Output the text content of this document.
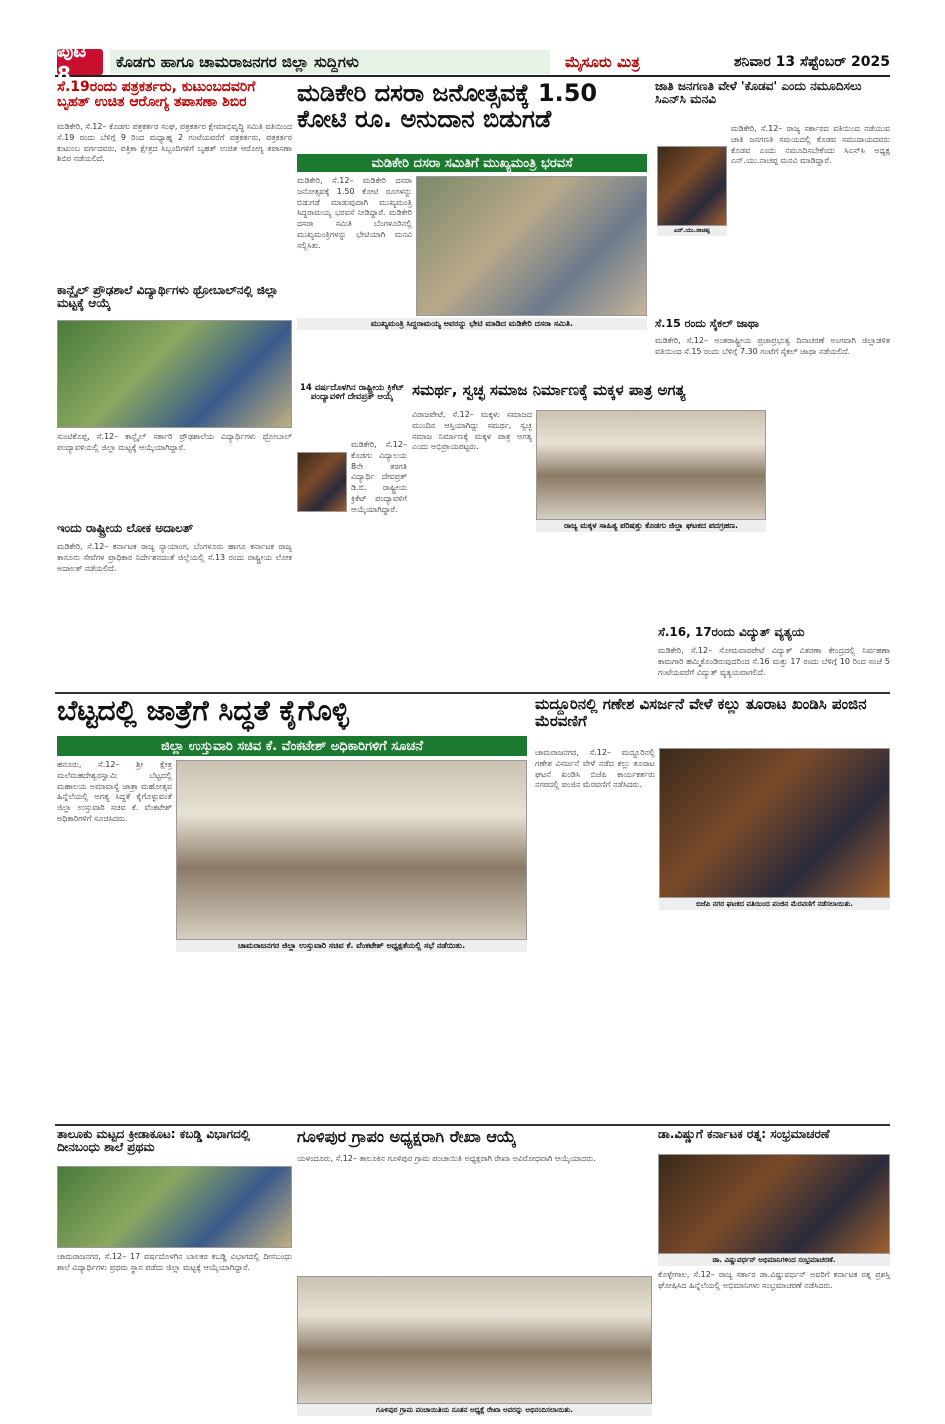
ಪುಟ 8	ಕೊಡಗು ಹಾಗೂ ಚಾಮರಾಜನಗರ ಜಿಲ್ಲಾ ಸುದ್ದಿಗಳು	ಮೈಸೂರು ಮಿತ್ರ	ಶನಿವಾರ 13 ಸೆಪ್ಟೆಂಬರ್ 2025
ಸೆ.19ರಂದು ಪತ್ರಕರ್ತರು, ಕುಟುಂಬದವರಿಗೆ ಬೃಹತ್ ಉಚಿತ ಆರೋಗ್ಯ ತಪಾಸಣಾ ಶಿಬಿರ
ಮಡಿಕೇರಿ, ಸೆ.12– ಕೊಡಗು ಪತ್ರಕರ್ತರ ಸಂಘ, ಪತ್ರಕರ್ತರ ಕ್ಷೇಮಾಭಿವೃದ್ಧಿ ಸಮಿತಿ ವತಿಯಿಂದ ಸೆ.19 ರಂದು ಬೆಳಿಗ್ಗೆ 9 ರಿಂದ ಮಧ್ಯಾಹ್ನ 2 ಗಂಟೆಯವರೆಗೆ ಪತ್ರಕರ್ತರು, ಪತ್ರಕರ್ತರ ಕುಟುಂಬ ವರ್ಗದವರು, ಪತ್ರಿಕಾ ಕ್ಷೇತ್ರದ ಸಿಬ್ಬಂದಿಗಳಿಗೆ ಬೃಹತ್ ಉಚಿತ ಆರೋಗ್ಯ ತಪಾಸಣಾ ಶಿಬಿರ ನಡೆಯಲಿದೆ.
ಮಡಿಕೇರಿ ದಸರಾ ಜನೋತ್ಸವಕ್ಕೆ 1.50 ಕೋಟಿ ರೂ. ಅನುದಾನ ಬಿಡುಗಡೆ
ಮಡಿಕೇರಿ ದಸರಾ ಸಮಿತಿಗೆ ಮುಖ್ಯಮಂತ್ರಿ ಭರವಸೆ
ಮಡಿಕೇರಿ, ಸೆ.12– ಮಡಿಕೇರಿ ದಸರಾ ಜನೋತ್ಸವಕ್ಕೆ 1.50 ಕೋಟಿ ರೂಗಳನ್ನು ಬಿಡುಗಡೆ ಮಾಡುವುದಾಗಿ ಮುಖ್ಯಮಂತ್ರಿ ಸಿದ್ದರಾಮಯ್ಯ ಭರವಸೆ ನೀಡಿದ್ದಾರೆ. ಮಡಿಕೇರಿ ದಸರಾ ಸಮಿತಿ ಬೆಂಗಳೂರಿನಲ್ಲಿ ಮುಖ್ಯಮಂತ್ರಿಗಳನ್ನು ಭೇಟಿಯಾಗಿ ಮನವಿ ಸಲ್ಲಿಸಿತು.
ಮುಖ್ಯಮಂತ್ರಿ ಸಿದ್ದರಾಮಯ್ಯ ಅವರನ್ನು ಭೇಟಿ ಮಾಡಿದ ಮಡಿಕೇರಿ ದಸರಾ ಸಮಿತಿ.
ಜಾತಿ ಜನಗಣತಿ ವೇಳೆ 'ಕೊಡವ' ಎಂದು ನಮೂದಿಸಲು ಸಿಎನ್‌ಸಿ ಮನವಿ
ಎನ್.ಯು.ನಾಚಪ್ಪ
ಮಡಿಕೇರಿ, ಸೆ.12– ರಾಜ್ಯ ಸರ್ಕಾರದ ವತಿಯಿಂದ ನಡೆಯುವ ಜಾತಿ ಜನಗಣತಿ ಸಮಯದಲ್ಲಿ ಕೊಡವ ಸಮುದಾಯದವರು ಕೊಡವ ಎಂದು ನಮೂದಿಸಬೇಕೆಂದು ಸಿಎನ್‌ಸಿ ಅಧ್ಯಕ್ಷ ಎನ್.ಯು.ನಾಚಪ್ಪ ಮನವಿ ಮಾಡಿದ್ದಾರೆ.
ಸೆ.15 ರಂದು ಸೈಕಲ್ ಜಾಥಾ
ಮಡಿಕೇರಿ, ಸೆ.12– ಅಂತರಾಷ್ಟ್ರೀಯ ಪ್ರಜಾಪ್ರಭುತ್ವ ದಿನಾಚರಣೆ ಅಂಗವಾಗಿ ಜಿಲ್ಲಾಡಳಿತ ವತಿಯಿಂದ ಸೆ.15 ರಂದು ಬೆಳಿಗ್ಗೆ 7.30 ಗಂಟೆಗೆ ಸೈಕಲ್ ಜಾಥಾ ನಡೆಯಲಿದೆ.
ಕಾನ್ಬೈಲ್ ಪ್ರೌಢಶಾಲೆ ವಿದ್ಯಾರ್ಥಿಗಳು ಥ್ರೋಬಾಲ್‌ನಲ್ಲಿ ಜಿಲ್ಲಾ ಮಟ್ಟಕ್ಕೆ ಆಯ್ಕೆ
ಸುಂಟಿಕೊಪ್ಪ, ಸೆ.12– ಕಾನ್ಬೈಲ್ ಸರ್ಕಾರಿ ಪ್ರೌಢಶಾಲೆಯ ವಿದ್ಯಾರ್ಥಿಗಳು ಥ್ರೋಬಾಲ್ ಪಂದ್ಯಾವಳಿಯಲ್ಲಿ ಜಿಲ್ಲಾ ಮಟ್ಟಕ್ಕೆ ಆಯ್ಕೆಯಾಗಿದ್ದಾರೆ.
ಇಂದು ರಾಷ್ಟ್ರೀಯ ಲೋಕ ಅದಾಲತ್
ಮಡಿಕೇರಿ, ಸೆ.12– ಕರ್ನಾಟಕ ರಾಜ್ಯ ನ್ಯಾಯಾಂಗ, ಬೆಂಗಳೂರು ಹಾಗೂ ಕರ್ನಾಟಕ ರಾಜ್ಯ ಕಾನೂನು ಸೇವೆಗಳ ಪ್ರಾಧಿಕಾರ ನಿರ್ದೇಶನದಂತೆ ಜಿಲ್ಲೆಯಲ್ಲಿ ಸೆ.13 ರಂದು ರಾಷ್ಟ್ರೀಯ ಲೋಕ ಅದಾಲತ್ ನಡೆಯಲಿದೆ.
14 ವರ್ಷದೊಳಗಿನ ರಾಷ್ಟ್ರೀಯ ಕ್ರಿಕೆಟ್ ಪಂದ್ಯಾವಳಿಗೆ ದೇವಪ್ರತ್ ಆಯ್ಕೆ
ಮಡಿಕೇರಿ, ಸೆ.12– ಕೊಡಗು ವಿದ್ಯಾಲಯ 8ನೇ ತರಗತಿ ವಿದ್ಯಾರ್ಥಿ ದೇವಪ್ರತ್ ಡಿ.ಬಿ. ರಾಷ್ಟ್ರೀಯ ಕ್ರಿಕೆಟ್ ಪಂದ್ಯಾವಳಿಗೆ ಆಯ್ಕೆಯಾಗಿದ್ದಾರೆ.
ಸಮರ್ಥ, ಸ್ವಚ್ಛ ಸಮಾಜ ನಿರ್ಮಾಣಕ್ಕೆ ಮಕ್ಕಳ ಪಾತ್ರ ಅಗತ್ಯ
ವಿರಾಜಪೇಟೆ, ಸೆ.12– ಮಕ್ಕಳು ಸಮಾಜದ ಮುಂದಿನ ಆಸ್ತಿಯಾಗಿದ್ದು ಸಮರ್ಥ, ಸ್ವಚ್ಛ ಸಮಾಜ ನಿರ್ಮಾಣಕ್ಕೆ ಮಕ್ಕಳ ಪಾತ್ರ ಅಗತ್ಯ ಎಂದು ಅಭಿಪ್ರಾಯಪಟ್ಟರು.
ರಾಜ್ಯ ಮಕ್ಕಳ ಸಾಹಿತ್ಯ ಪರಿಷತ್ತು ಕೊಡಗು ಜಿಲ್ಲಾ ಘಟಕದ ಪದಗ್ರಹಣ.
ಸೆ.16, 17ರಂದು ವಿದ್ಯುತ್ ವ್ಯತ್ಯಯ
ಮಡಿಕೇರಿ, ಸೆ.12– ಸೋಮವಾರಪೇಟೆ ವಿದ್ಯುತ್ ವಿತರಣಾ ಕೇಂದ್ರದಲ್ಲಿ ನಿರ್ವಹಣಾ ಕಾಮಗಾರಿ ಹಮ್ಮಿಕೊಂಡಿರುವುದರಿಂದ ಸೆ.16 ಮತ್ತು 17 ರಂದು ಬೆಳಿಗ್ಗೆ 10 ರಿಂದ ಸಂಜೆ 5 ಗಂಟೆಯವರೆಗೆ ವಿದ್ಯುತ್ ವ್ಯತ್ಯಯವಾಗಲಿದೆ.
ಬೆಟ್ಟದಲ್ಲಿ ಜಾತ್ರೆಗೆ ಸಿದ್ಧತೆ ಕೈಗೊಳ್ಳಿ
ಜಿಲ್ಲಾ ಉಸ್ತುವಾರಿ ಸಚಿವ ಕೆ. ವೆಂಕಟೇಶ್ ಅಧಿಕಾರಿಗಳಿಗೆ ಸೂಚನೆ
ಹನೂರು, ಸೆ.12– ಶ್ರೀ ಕ್ಷೇತ್ರ ಮಲೆಮಹದೇಶ್ವರಸ್ವಾಮಿ ಬೆಟ್ಟದಲ್ಲಿ ಮಹಾಲಯ ಅಮಾವಾಸ್ಯೆ ಜಾತ್ರಾ ಮಹೋತ್ಸವ ಹಿನ್ನೆಲೆಯಲ್ಲಿ ಅಗತ್ಯ ಸಿದ್ಧತೆ ಕೈಗೊಳ್ಳುವಂತೆ ಜಿಲ್ಲಾ ಉಸ್ತುವಾರಿ ಸಚಿವ ಕೆ. ವೆಂಕಟೇಶ್ ಅಧಿಕಾರಿಗಳಿಗೆ ಸೂಚಿಸಿದರು.
ಚಾಮರಾಜನಗರ ಜಿಲ್ಲಾ ಉಸ್ತುವಾರಿ ಸಚಿವ ಕೆ. ವೆಂಕಟೇಶ್ ಅಧ್ಯಕ್ಷತೆಯಲ್ಲಿ ಸಭೆ ನಡೆಯಿತು.
ಮದ್ದೂರಿನಲ್ಲಿ ಗಣೇಶ ವಿಸರ್ಜನೆ ವೇಳೆ ಕಲ್ಲು ತೂರಾಟ ಖಂಡಿಸಿ ಪಂಜಿನ ಮೆರವಣಿಗೆ
ಚಾಮರಾಜನಗರ, ಸೆ.12– ಮದ್ದೂರಿನಲ್ಲಿ ಗಣೇಶ ವಿಸರ್ಜನೆ ವೇಳೆ ನಡೆದ ಕಲ್ಲು ತೂರಾಟ ಘಟನೆ ಖಂಡಿಸಿ ಬಿಜೆಪಿ ಕಾರ್ಯಕರ್ತರು ನಗರದಲ್ಲಿ ಪಂಜಿನ ಮೆರವಣಿಗೆ ನಡೆಸಿದರು.
ಬಿಜೆಪಿ ನಗರ ಘಟಕದ ವತಿಯಿಂದ ಪಂಜಿನ ಮೆರವಣಿಗೆ ನಡೆಸಲಾಯಿತು.
ತಾಲೂಕು ಮಟ್ಟದ ಕ್ರೀಡಾಕೂಟ: ಕಬಡ್ಡಿ ವಿಭಾಗದಲ್ಲಿ ದೀನಬಂಧು ಶಾಲೆ ಪ್ರಥಮ
ಚಾಮರಾಜನಗರ, ಸೆ.12– 17 ವರ್ಷದೊಳಗಿನ ಬಾಲಕರ ಕಬಡ್ಡಿ ವಿಭಾಗದಲ್ಲಿ ದೀನಬಂಧು ಶಾಲೆ ವಿದ್ಯಾರ್ಥಿಗಳು ಪ್ರಥಮ ಸ್ಥಾನ ಪಡೆದು ಜಿಲ್ಲಾ ಮಟ್ಟಕ್ಕೆ ಆಯ್ಕೆಯಾಗಿದ್ದಾರೆ.
ಗೂಳಿಪುರ ಗ್ರಾಪಂ ಅಧ್ಯಕ್ಷರಾಗಿ ರೇಖಾ ಆಯ್ಕೆ
ಯಳಂದೂರು, ಸೆ.12– ತಾಲೂಕಿನ ಗೂಳಿಪುರ ಗ್ರಾಮ ಪಂಚಾಯಿತಿ ಅಧ್ಯಕ್ಷರಾಗಿ ರೇಖಾ ಅವಿರೋಧವಾಗಿ ಆಯ್ಕೆಯಾದರು.
ಗೂಳಿಪುರ ಗ್ರಾಮ ಪಂಚಾಯಿತಿಯ ನೂತನ ಅಧ್ಯಕ್ಷೆ ರೇಖಾ ಅವರನ್ನು ಅಭಿನಂದಿಸಲಾಯಿತು.
ಡಾ.ವಿಷ್ಣುಗೆ ಕರ್ನಾಟಕ ರತ್ನ: ಸಂಭ್ರಮಾಚರಣೆ
ಡಾ. ವಿಷ್ಣುವರ್ಧನ್ ಅಭಿಮಾನಿಗಳಿಂದ ಸಂಭ್ರಮಾಚರಣೆ.
ಕೊಳ್ಳೇಗಾಲ, ಸೆ.12– ರಾಜ್ಯ ಸರ್ಕಾರ ಡಾ.ವಿಷ್ಣುವರ್ಧನ್ ಅವರಿಗೆ ಕರ್ನಾಟಕ ರತ್ನ ಪ್ರಶಸ್ತಿ ಘೋಷಿಸಿದ ಹಿನ್ನೆಲೆಯಲ್ಲಿ ಅಭಿಮಾನಿಗಳು ಸಂಭ್ರಮಾಚರಣೆ ನಡೆಸಿದರು.
